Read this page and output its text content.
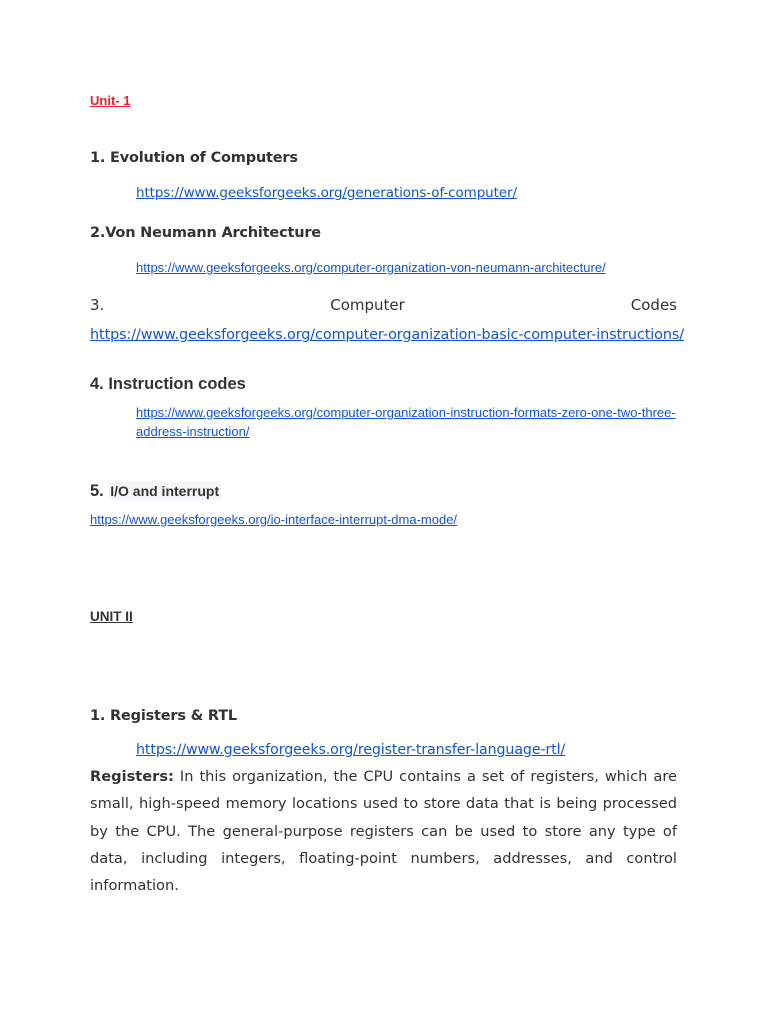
Unit- 1
1. Evolution of Computers
https://www.geeksforgeeks.org/generations-of-computer/
2.Von Neumann Architecture
https://www.geeksforgeeks.org/computer-organization-von-neumann-architecture/
3.	Computer	Codes
https://www.geeksforgeeks.org/computer-organization-basic-computer-instructions/
4. Instruction codes
https://www.geeksforgeeks.org/computer-organization-instruction-formats-zero-one-two-three-address-instruction/
5. I/O and interrupt
https://www.geeksforgeeks.org/io-interface-interrupt-dma-mode/
UNIT II
1. Registers & RTL
https://www.geeksforgeeks.org/register-transfer-language-rtl/
Registers: In this organization, the CPU contains a set of registers, which are small, high-speed memory locations used to store data that is being processed by the CPU. The general-purpose registers can be used to store any type of data, including integers, floating-point numbers, addresses, and control information.
